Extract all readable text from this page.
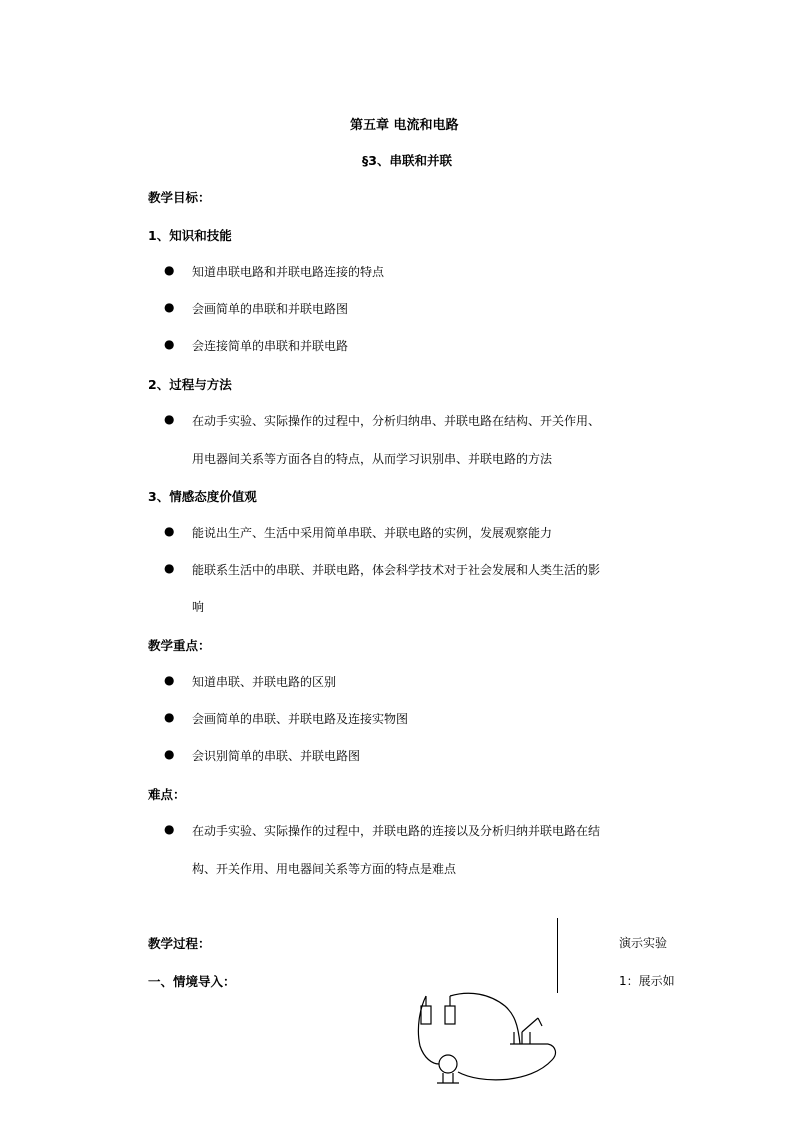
第五章 电流和电路
§3、串联和并联
教学目标：
1、知识和技能
● 知道串联电路和并联电路连接的特点
● 会画简单的串联和并联电路图
● 会连接简单的串联和并联电路
2、过程与方法
● 在动手实验、实际操作的过程中，分析归纳串、并联电路在结构、开关作用、
用电器间关系等方面各自的特点，从而学习识别串、并联电路的方法
3、情感态度价值观
● 能说出生产、生活中采用简单串联、并联电路的实例，发展观察能力
● 能联系生活中的串联、并联电路，体会科学技术对于社会发展和人类生活的影
响
教学重点：
● 知道串联、并联电路的区别
● 会画简单的串联、并联电路及连接实物图
● 会识别简单的串联、并联电路图
难点：
● 在动手实验、实际操作的过程中，并联电路的连接以及分析归纳并联电路在结
构、开关作用、用电器间关系等方面的特点是难点
教学过程：
一、情境导入：
演示实验
1：展示如
